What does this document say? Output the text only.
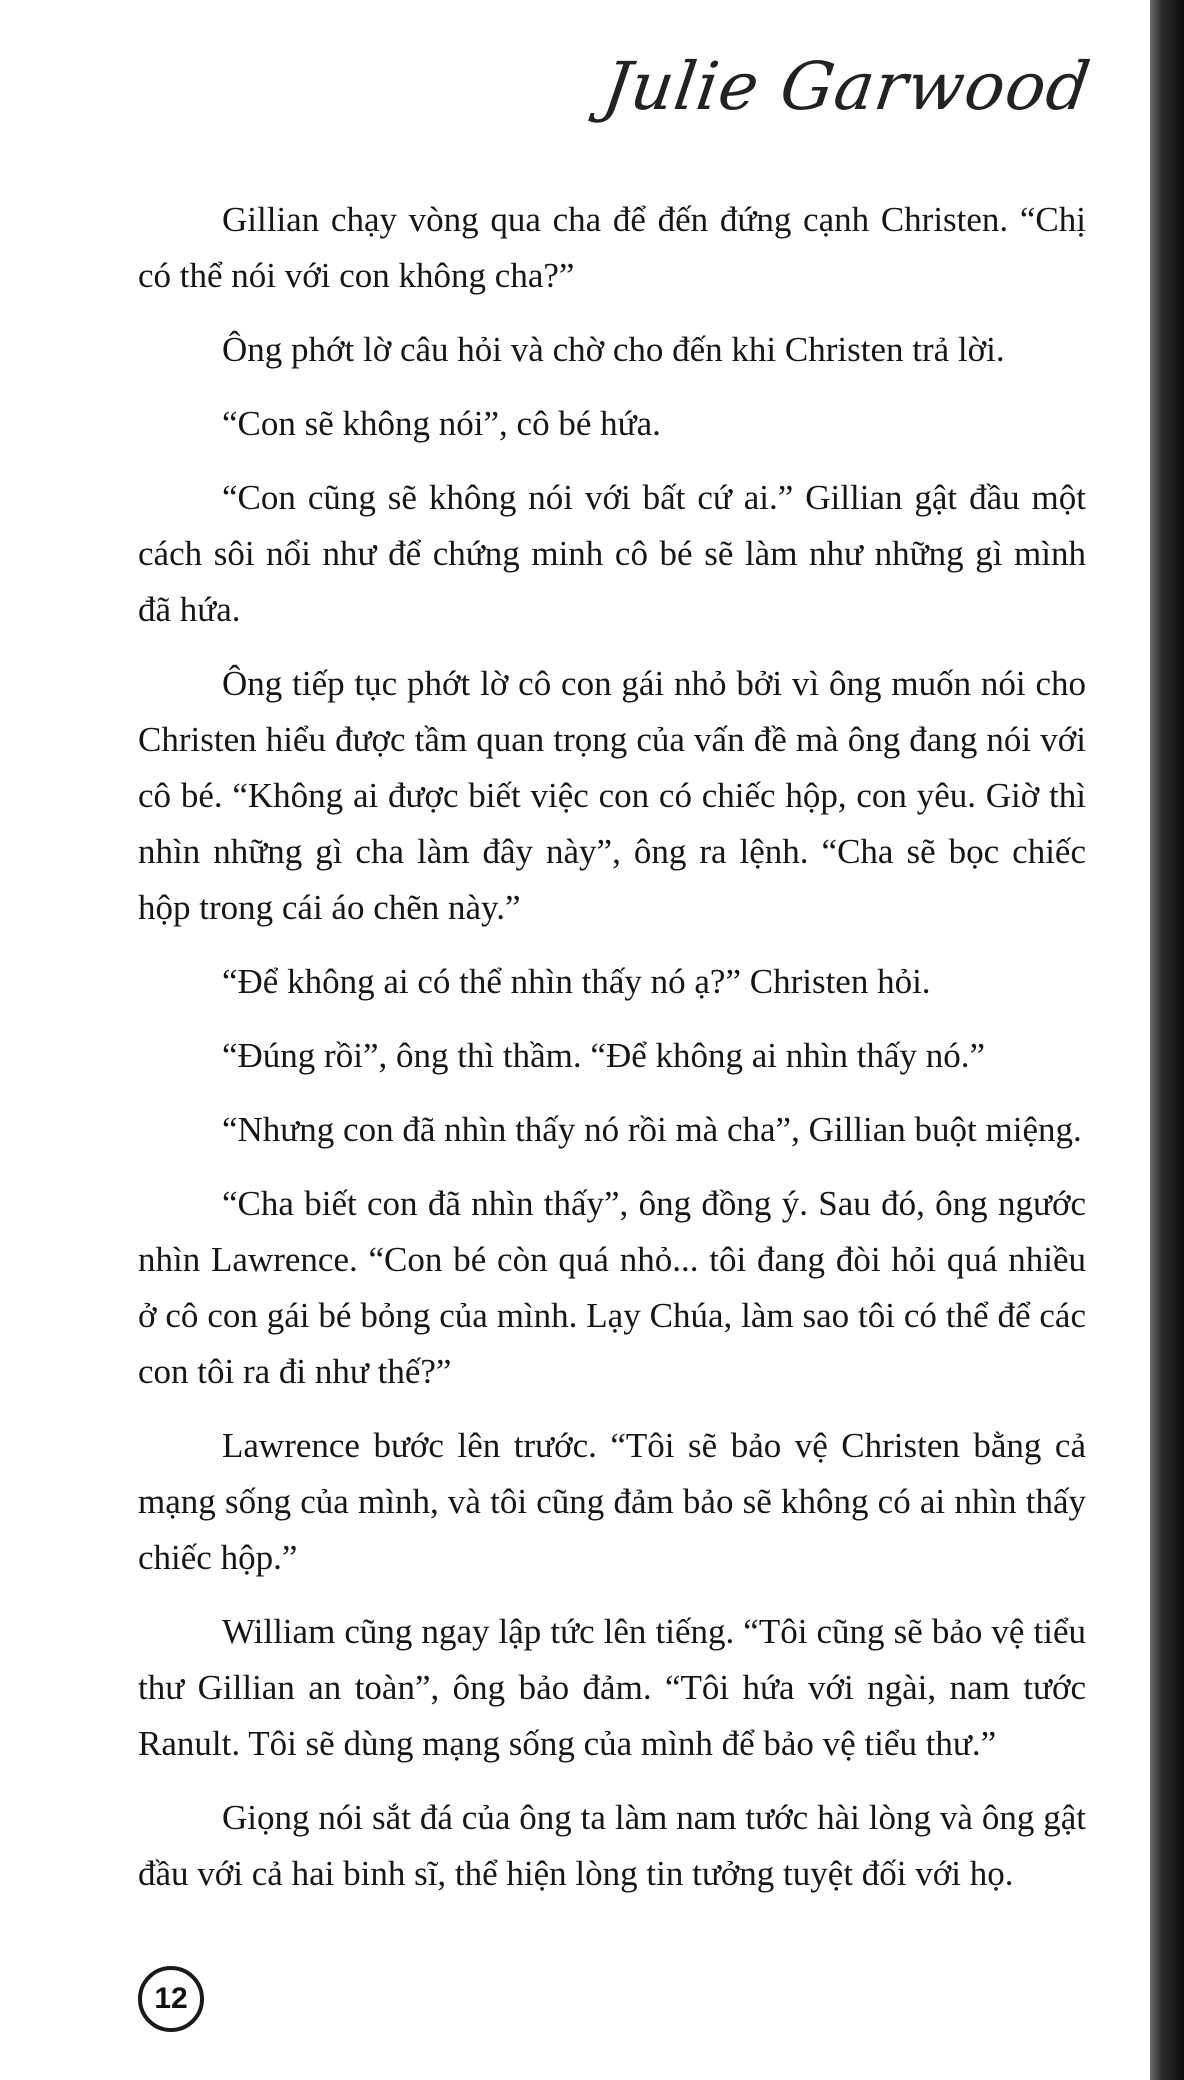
Julie Garwood

Gillian chạy vòng qua cha để đến đứng cạnh Christen. “Chị có thể nói với con không cha?”

Ông phớt lờ câu hỏi và chờ cho đến khi Christen trả lời.

“Con sẽ không nói”, cô bé hứa.

“Con cũng sẽ không nói với bất cứ ai.” Gillian gật đầu một cách sôi nổi như để chứng minh cô bé sẽ làm như những gì mình đã hứa.

Ông tiếp tục phớt lờ cô con gái nhỏ bởi vì ông muốn nói cho Christen hiểu được tầm quan trọng của vấn đề mà ông đang nói với cô bé. “Không ai được biết việc con có chiếc hộp, con yêu. Giờ thì nhìn những gì cha làm đây này”, ông ra lệnh. “Cha sẽ bọc chiếc hộp trong cái áo chẽn này.”

“Để không ai có thể nhìn thấy nó ạ?” Christen hỏi.

“Đúng rồi”, ông thì thầm. “Để không ai nhìn thấy nó.”

“Nhưng con đã nhìn thấy nó rồi mà cha”, Gillian buột miệng.

“Cha biết con đã nhìn thấy”, ông đồng ý. Sau đó, ông ngước nhìn Lawrence. “Con bé còn quá nhỏ... tôi đang đòi hỏi quá nhiều ở cô con gái bé bỏng của mình. Lạy Chúa, làm sao tôi có thể để các con tôi ra đi như thế?”

Lawrence bước lên trước. “Tôi sẽ bảo vệ Christen bằng cả mạng sống của mình, và tôi cũng đảm bảo sẽ không có ai nhìn thấy chiếc hộp.”

William cũng ngay lập tức lên tiếng. “Tôi cũng sẽ bảo vệ tiểu thư Gillian an toàn”, ông bảo đảm. “Tôi hứa với ngài, nam tước Ranult. Tôi sẽ dùng mạng sống của mình để bảo vệ tiểu thư.”

Giọng nói sắt đá của ông ta làm nam tước hài lòng và ông gật đầu với cả hai binh sĩ, thể hiện lòng tin tưởng tuyệt đối với họ.

12
